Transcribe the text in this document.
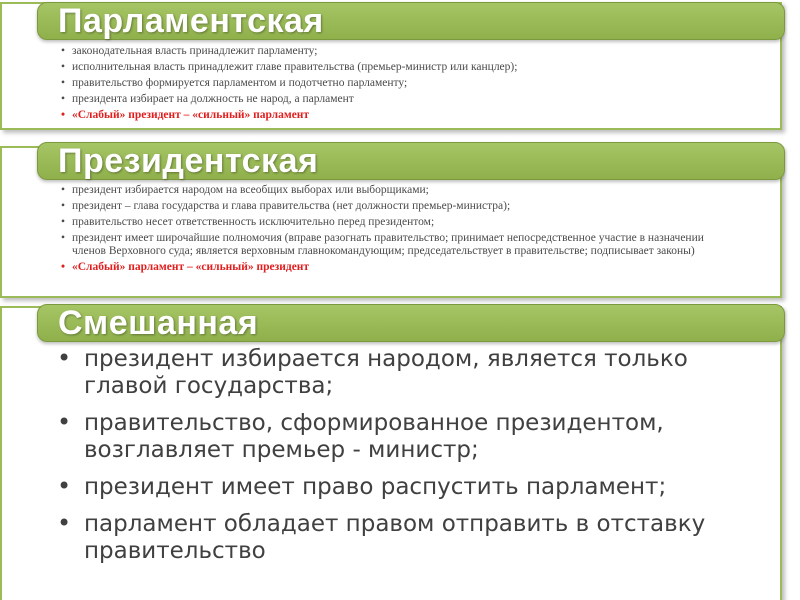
Парламентская
• законодательная власть принадлежит парламенту;
• исполнительная власть принадлежит главе правительства (премьер-министр или канцлер);
• правительство формируется парламентом и подотчетно парламенту;
• президента избирает на должность не народ, а парламент
• «Слабый» президент – «сильный» парламент
Президентская
• президент избирается народом на всеобщих выборах или выборщиками;
• президент – глава государства и глава правительства (нет должности премьер-министра);
• правительство несет ответственность исключительно перед президентом;
• президент имеет широчайшие полномочия (вправе разогнать правительство; принимает непосредственное участие в назначении членов Верховного суда; является верховным главнокомандующим; председательствует в правительстве; подписывает законы)
• «Слабый» парламент – «сильный» президент
Смешанная
• президент избирается народом, является только главой государства;
• правительство, сформированное президентом, возглавляет премьер - министр;
• президент имеет право распустить парламент;
• парламент обладает правом отправить в отставку правительство
